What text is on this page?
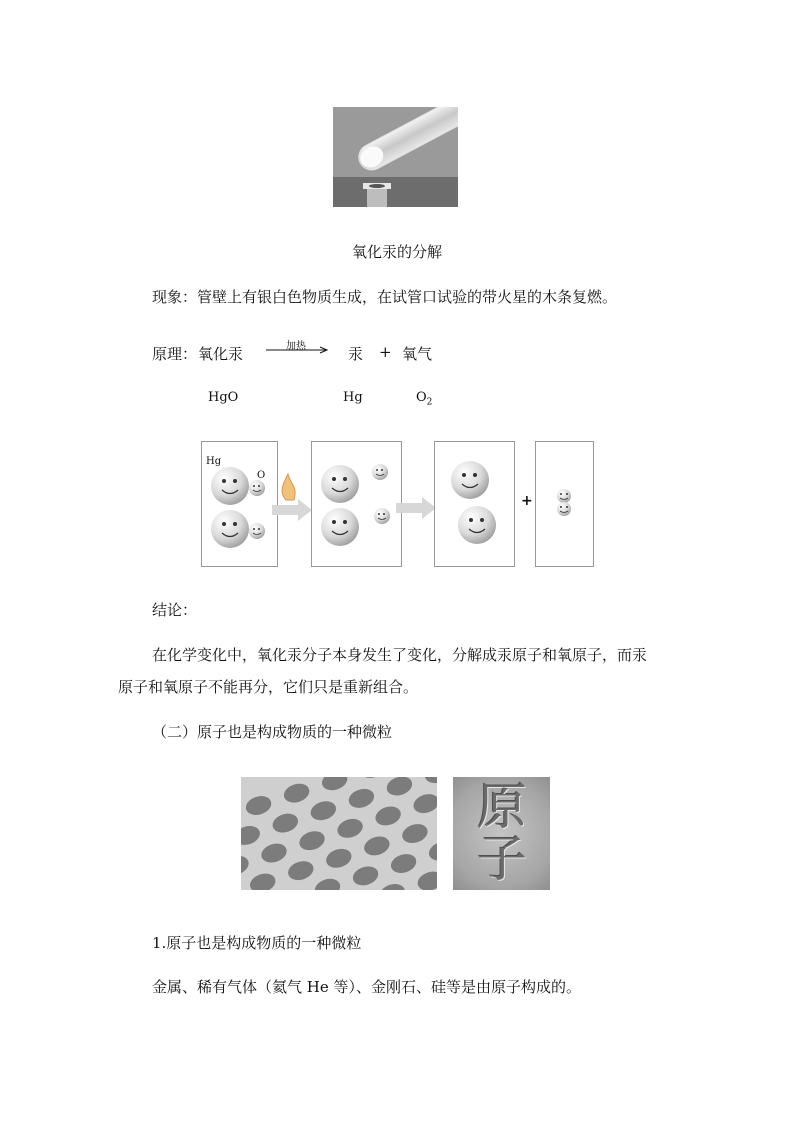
氧化汞的分解
现象：管壁上有银白色物质生成，在试管口试验的带火星的木条复燃。
原理： 氧化汞	加热	汞 + 氧气
HgO	Hg	$O_2$
Hg
O
+
结论：
在化学变化中，氧化汞分子本身发生了变化，分解成汞原子和氧原子，而汞
原子和氧原子不能再分，它们只是重新组合。
（二）原子也是构成物质的一种微粒
原子
1.原子也是构成物质的一种微粒
金属、稀有气体（氦气 He 等）、金刚石、硅等是由原子构成的。
